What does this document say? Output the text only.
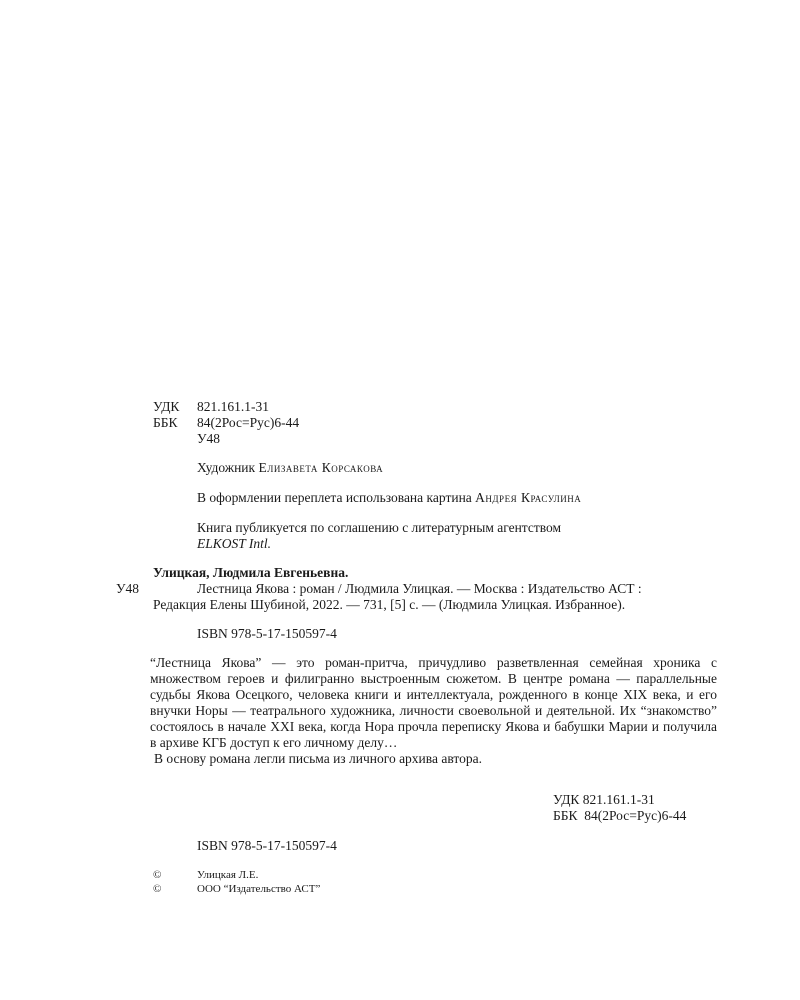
УДК 821.161.1-31
ББК 84(2Рос=Рус)6-44
У48
Художник Елизавета Корсакова
В оформлении переплета использована картина Андрея Красулина
Книга публикуется по соглашению с литературным агентством
ELKOST Intl.
Улицкая, Людмила Евгеньевна.
У48	Лестница Якова : роман / Людмила Улицкая. — Москва : Издательство АСТ :
Редакция Елены Шубиной, 2022. — 731, [5] с. — (Людмила Улицкая. Избранное).
ISBN 978-5-17-150597-4

“Лестница Якова” — это роман-притча, причудливо разветвленная семейная хроника с множеством героев и филигранно выстроенным сюжетом. В центре романа — параллельные судьбы Якова Осецкого, человека книги и интеллектуала, рожденного в конце XIX века, и его внучки Норы — театрального художника, личности своевольной и деятельной. Их “знакомство” состоялось в начале XXI века, когда Нора прочла переписку Якова и бабушки Марии и получила в архиве КГБ доступ к его личному делу…

В основу романа легли письма из личного архива автора.

УДК 821.161.1-31
ББК  84(2Рос=Рус)6-44
ISBN 978-5-17-150597-4
©	Улицкая Л.Е.
©	ООО “Издательство АСТ”
